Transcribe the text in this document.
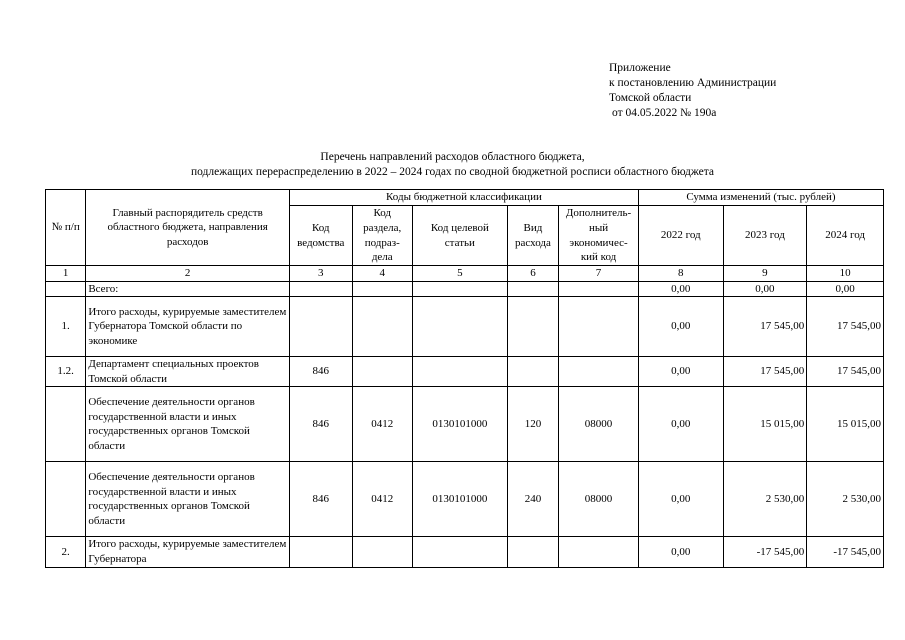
Приложение
к постановлению Администрации
Томской области
от 04.05.2022 № 190а
Перечень направлений расходов областного бюджета,
подлежащих перераспределению в 2022 – 2024 годах по сводной бюджетной росписи областного бюджета
№ п/п	Главный распорядитель средств областного бюджета, направления расходов	Коды бюджетной классификации					Сумма изменений (тыс. рублей)		
		Код ведомства	Код раздела, подраз-дела	Код целевой статьи	Вид расхода	Дополнитель-ный экономичес-кий код	2022 год	2023 год	2024 год
1	2	3	4	5	6	7	8	9	10
	Всего:						0,00	0,00	0,00
1.	Итого расходы, курируемые заместителем Губернатора Томской области по экономике						0,00	17 545,00	17 545,00
1.2.	Департамент специальных проектов Томской области	846					0,00	17 545,00	17 545,00
	Обеспечение деятельности органов государственной власти и иных государственных органов Томской области	846	0412	0130101000	120	08000	0,00	15 015,00	15 015,00
	Обеспечение деятельности органов государственной власти и иных государственных органов Томской области	846	0412	0130101000	240	08000	0,00	2 530,00	2 530,00
2.	Итого расходы, курируемые заместителем Губернатора						0,00	-17 545,00	-17 545,00
